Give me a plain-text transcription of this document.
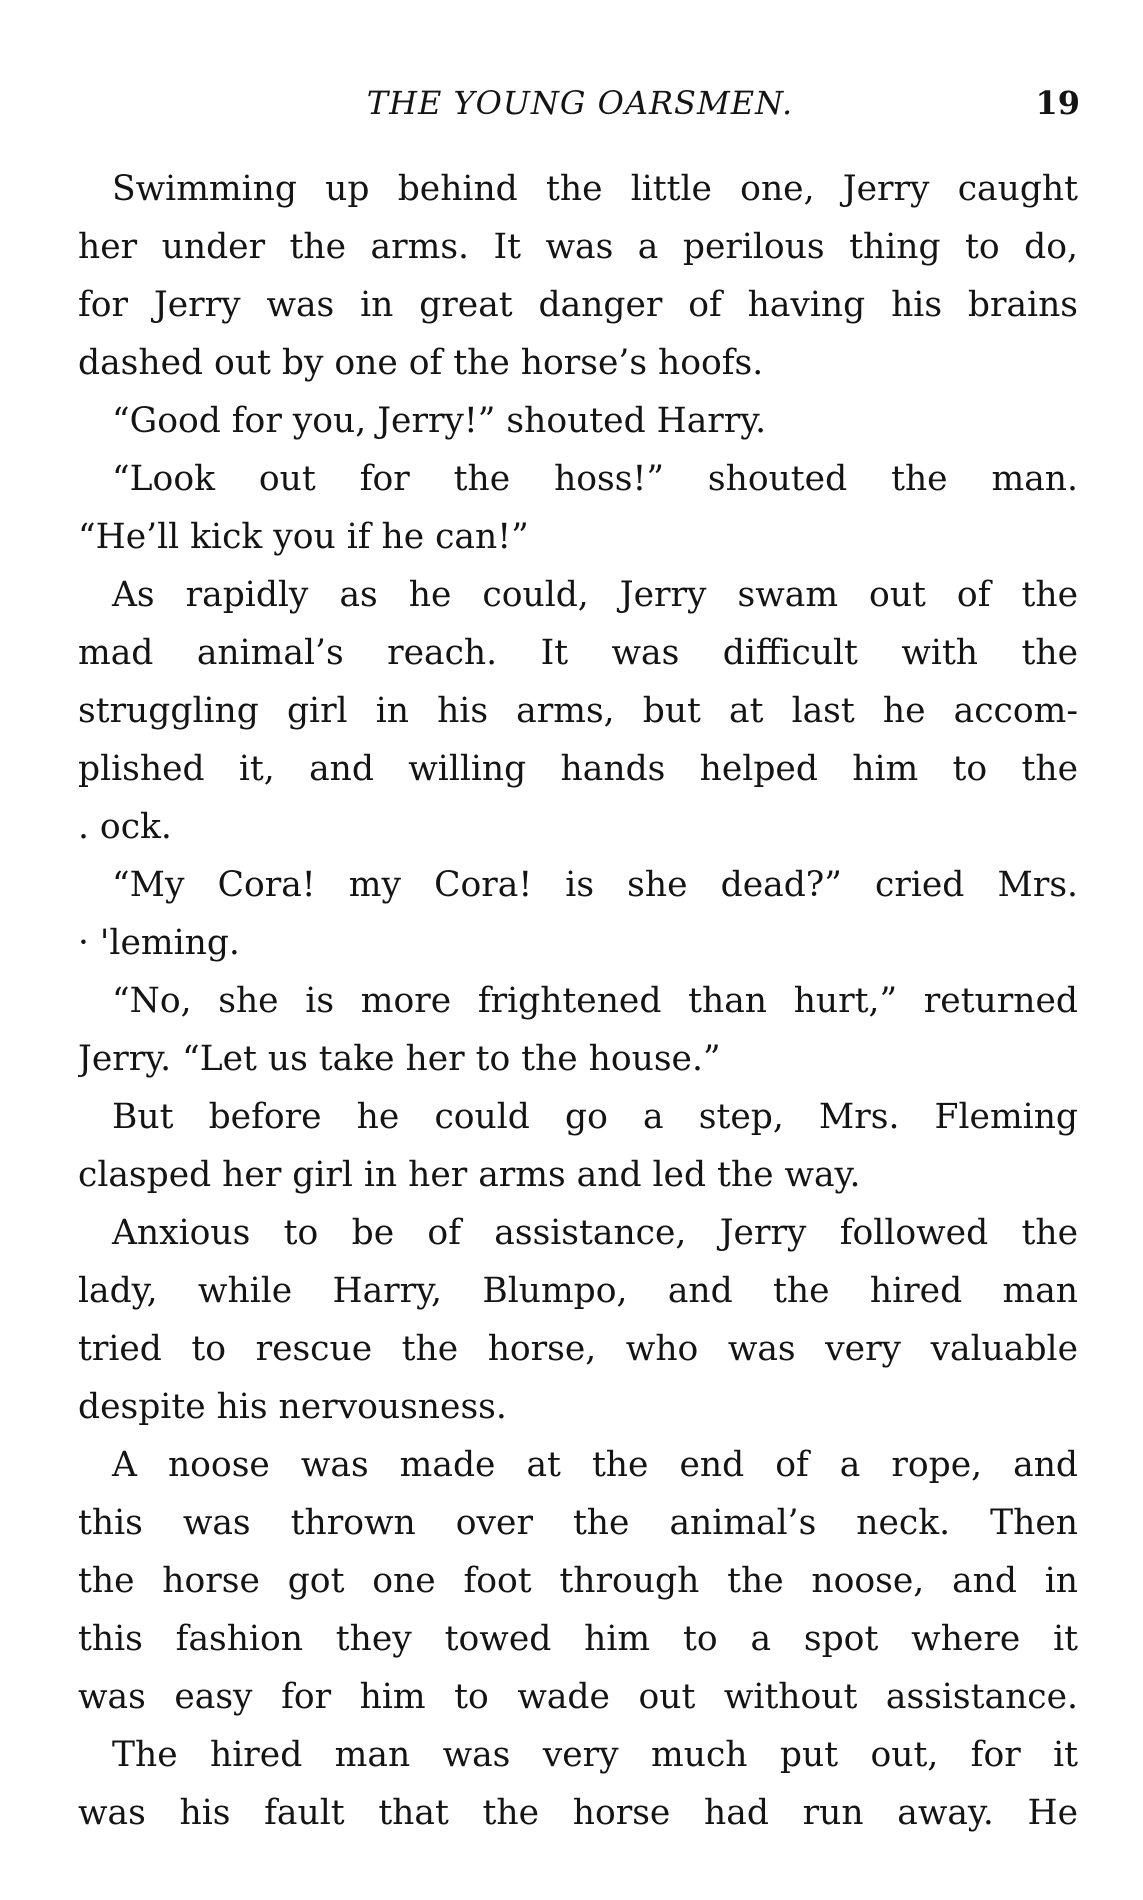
THE YOUNG OARSMEN.	19
Swimming up behind the little one, Jerry caught
her under the arms. It was a perilous thing to do,
for Jerry was in great danger of having his brains
dashed out by one of the horse’s hoofs.
“Good for you, Jerry!” shouted Harry.
“Look out for the hoss!” shouted the man.
“He’ll kick you if he can!”
As rapidly as he could, Jerry swam out of the
mad animal’s reach. It was difficult with the
struggling girl in his arms, but at last he accom-
plished it, and willing hands helped him to the
. ock.
“My Cora! my Cora! is she dead?” cried Mrs.
· 'leming.
“No, she is more frightened than hurt,” returned
Jerry. “Let us take her to the house.”
But before he could go a step, Mrs. Fleming
clasped her girl in her arms and led the way.
Anxious to be of assistance, Jerry followed the
lady, while Harry, Blumpo, and the hired man
tried to rescue the horse, who was very valuable
despite his nervousness.
A noose was made at the end of a rope, and
this was thrown over the animal’s neck. Then
the horse got one foot through the noose, and in
this fashion they towed him to a spot where it
was easy for him to wade out without assistance.
The hired man was very much put out, for it
was his fault that the horse had run away. He
